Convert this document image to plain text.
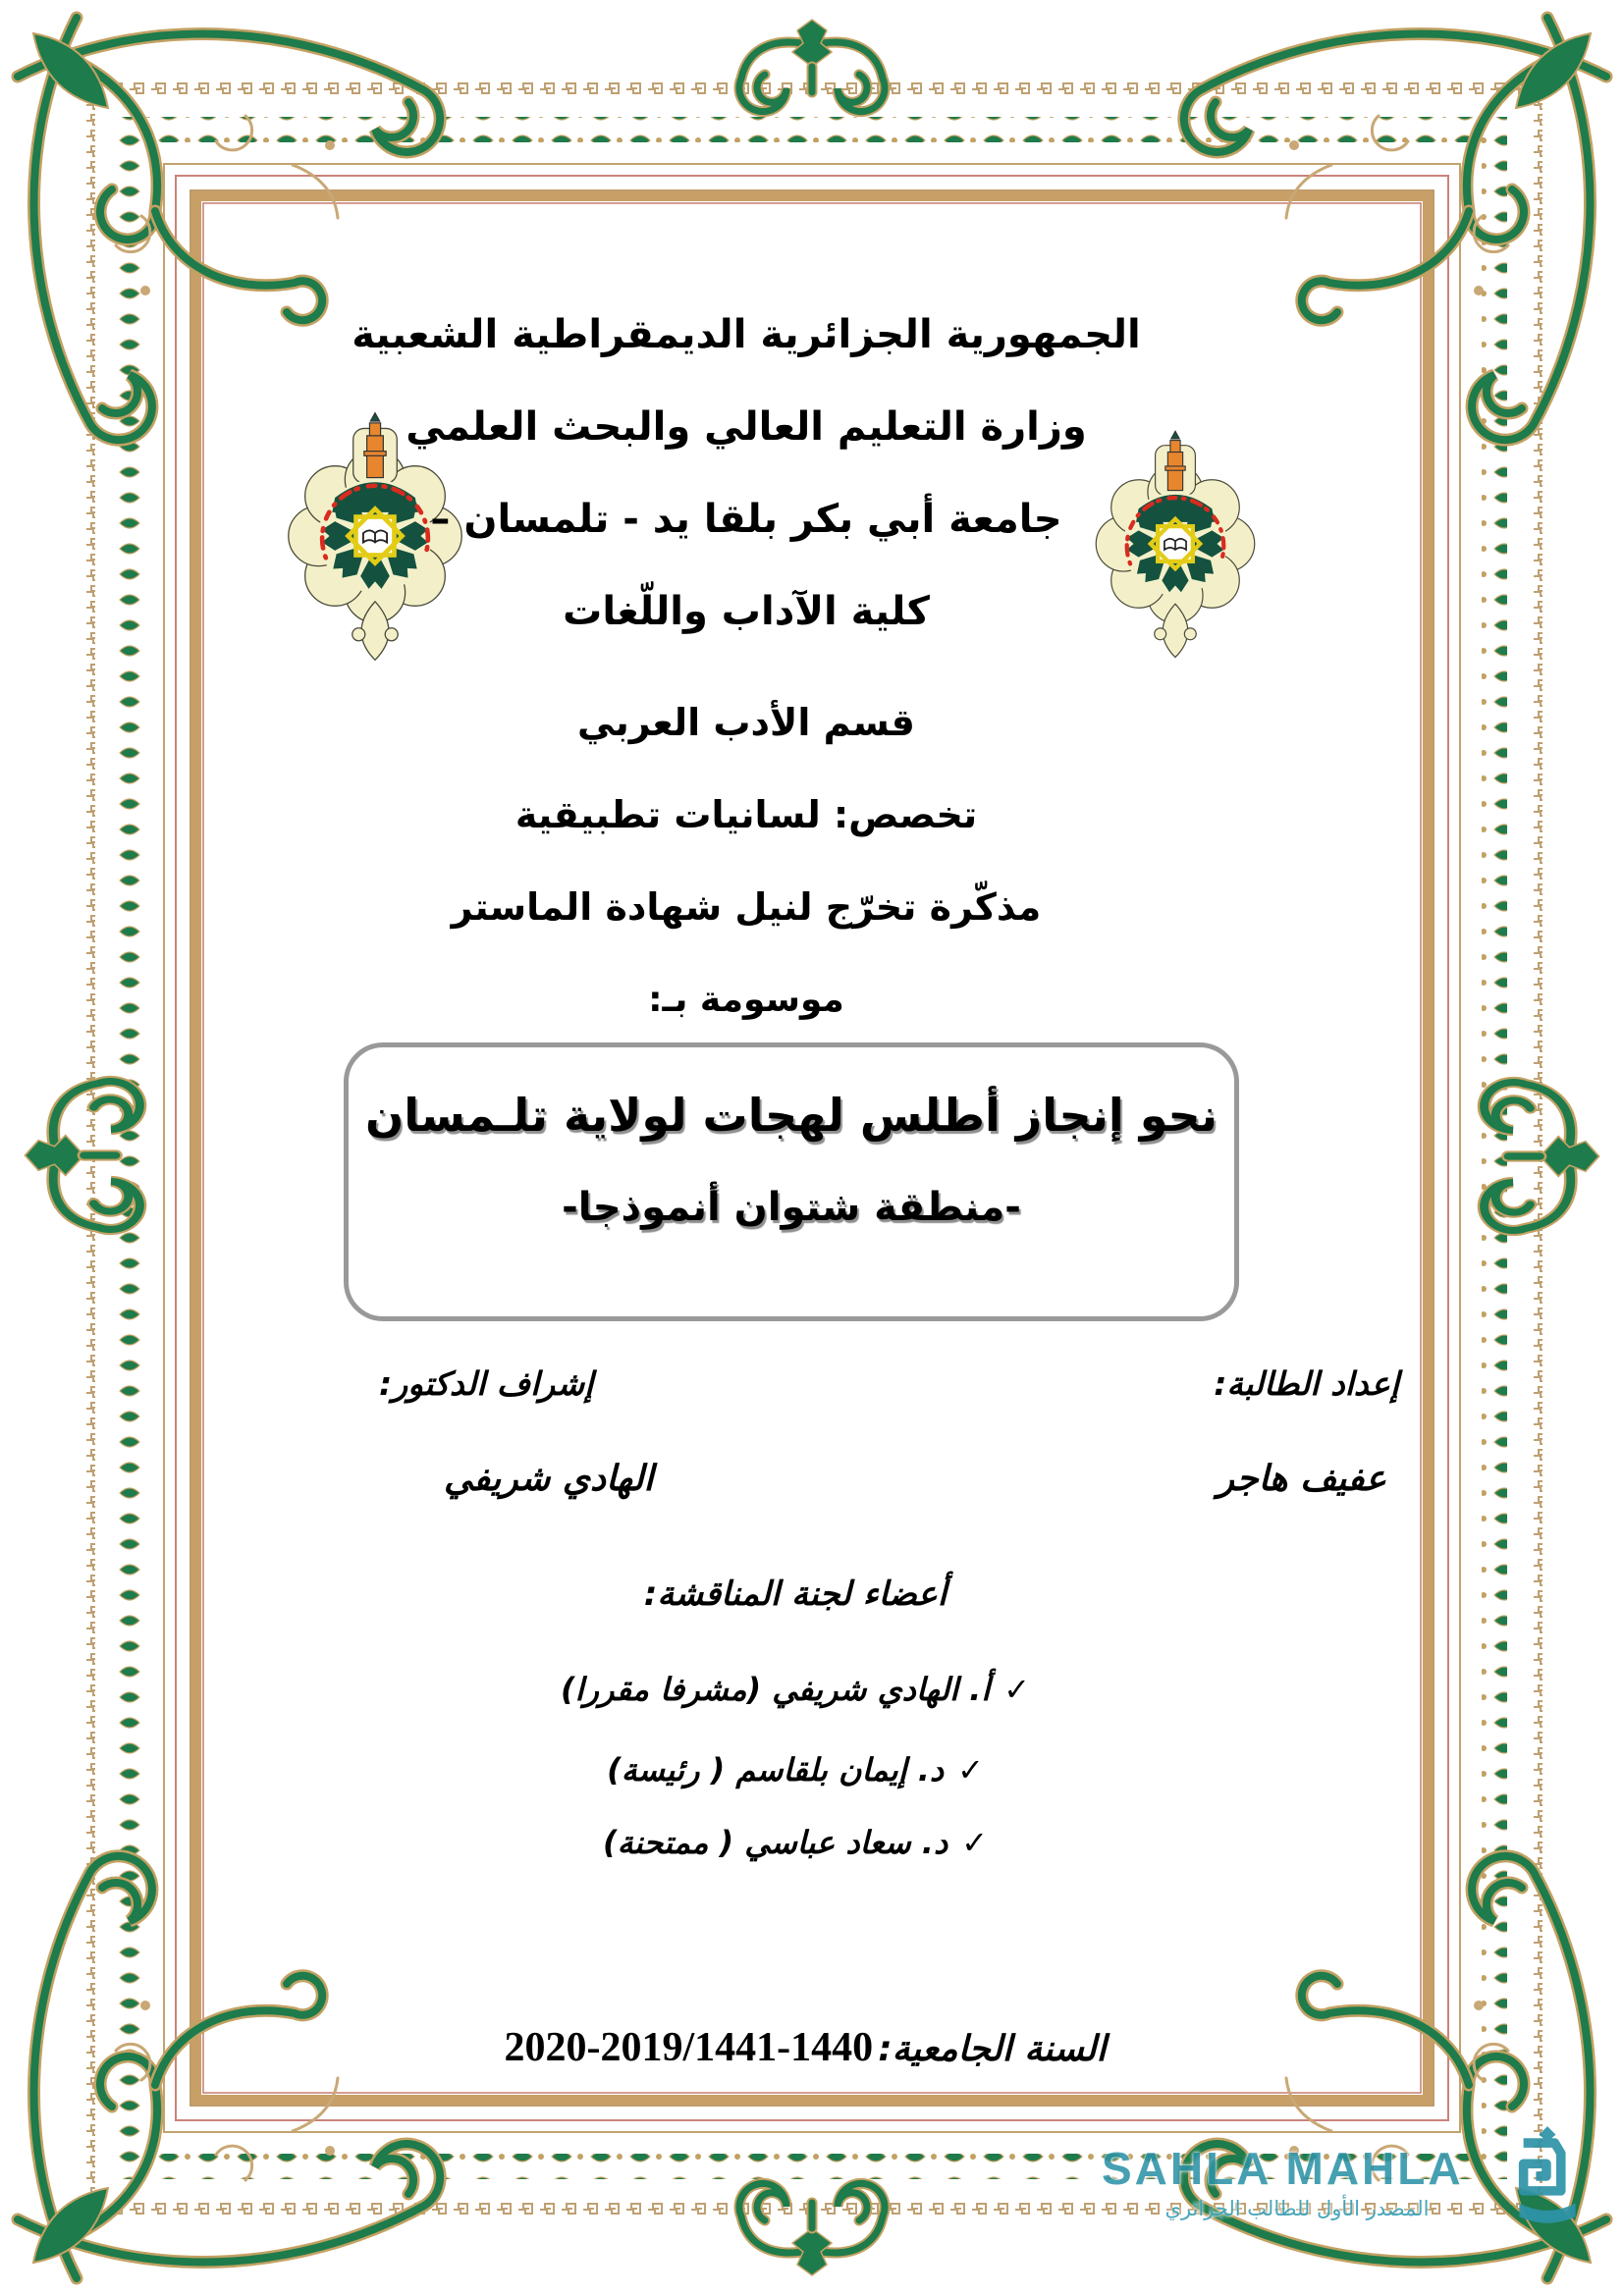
الجمهورية الجزائرية الديمقراطية الشعبية
وزارة التعليم العالي والبحث العلمي
جامعة أبي بكر بلقا يد - تلمسان –
كلية الآداب واللّغات
قسم الأدب العربي
تخصص: لسانيات تطبيقية
مذكّرة تخرّج لنيل شهادة الماستر
موسومة بـ:
نحو إنجاز أطلس لهجات لولاية تلـمسان
-منطقة شتوان أنموذجا-
إعداد الطالبة:
إشراف الدكتور:
عفيف هاجر
الهادي شريفي
أعضاء لجنة المناقشة:
✓أ. الهادي شريفي (مشرفا مقررا)
✓د. إيمان بلقاسم ( رئيسة)
✓د. سعاد عباسي ( ممتحنة)
السنة الجامعية: 2020-2019/1441-1440
SAHLA MAHLA
المصدر الأول للطالب الجزائري
